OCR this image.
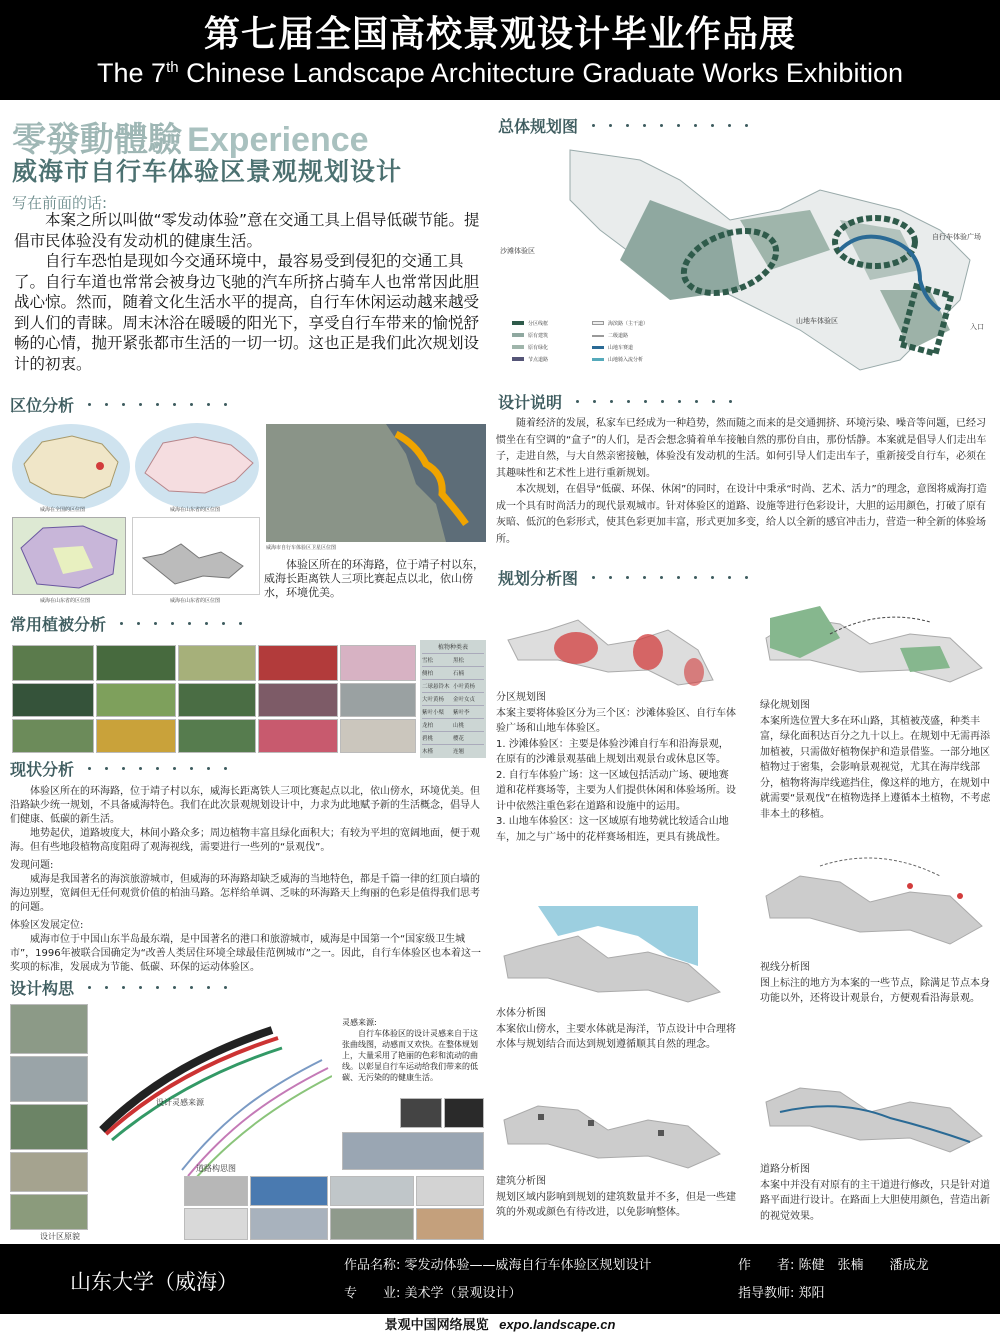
第七届全国高校景观设计毕业作品展
The 7th Chinese Landscape Architecture Graduate Works Exhibition
零發動體驗 Experience
威海市自行车体验区景观规划设计
写在前面的话:

本案之所以叫做“零发动体验”意在交通工具上倡导低碳节能。提倡市民体验没有发动机的健康生活。

自行车恐怕是现如今交通环境中，最容易受到侵犯的交通工具了。自行车道也常常会被身边飞驰的汽车所挤占骑车人也常常因此胆战心惊。然而，随着文化生活水平的提高，自行车休闲运动越来越受到人们的青睐。周末沐浴在暖暖的阳光下，享受自行车带来的愉悦舒畅的心情，抛开紧张都市生活的一切一切。这也正是我们此次规划设计的初衷。

区位分析
威海在全国的区位图	威海在山东省的区位图
威海在山东省的区位图	威海在山东省的区位图
威海市自行车体验区卫星区位图

体验区所在的环海路，位于靖子村以东，威海长距离铁人三项比赛起点以北，依山傍水，环境优美。

常用植被分析
植物种类表
雪松	黑松
侧柏	石楠
二球悬铃木 小叶黄杨
大叶黄杨	金叶女贞
紫叶小檗	紫叶李
龙柏	山桃
碧桃	樱花
木槿	连翘
现状分析

体验区所在的环海路，位于靖子村以东，威海长距离铁人三项比赛起点以北，依山傍水，环境优美。但沿路缺少统一规划，不具备威海特色。我们在此次景观规划设计中，力求为此地赋予新的生活概念，倡导人们健康、低碳的新生活。

地势起伏，道路坡度大，林间小路众多；周边植物丰富且绿化面积大；有较为平坦的宽阔地面，便于观海。但有些地段植物高度阻碍了观海视线，需要进行一些列的“景观伐”。

发现问题:

威海是我国著名的海滨旅游城市，但威海的环海路却缺乏威海的当地特色，都是千篇一律的红顶白墙的海边别墅，宽阔但无任何观赏价值的柏油马路。怎样给单调、乏味的环海路天上绚丽的色彩是值得我们思考的问题。

体验区发展定位:

威海市位于中国山东半岛最东端，是中国著名的港口和旅游城市，威海是中国第一个“国家级卫生城市”，1996年被联合国确定为“改善人类居住环境全球最佳范例城市”之一。因此，自行车体验区也本着这一奖项的标准，发展成为节能、低碳、环保的运动体验区。

设计构思
设计区原貌
设计灵感来源
道路构思图
灵感来源:

自行车体验区的设计灵感来自于这张曲线图，动感而又欢快。在整体规划上，大量采用了艳丽的色彩和流动的曲线。以彰显自行车运动给我们带来的低碳、无污染的的健康生活。

总体规划图
沙滩体验区
自行车体验广场
山地车体验区
入口
分区线框
原有建筑
原有绿化
节点道路
海滨路（主干道）
二级道路
山地车赛道
山地骑入流分析
设计说明

随着经济的发展，私家车已经成为一种趋势，然而随之而来的是交通拥挤、环境污染、噪音等问题，已经习惯坐在有空调的“盒子”的人们，是否会想念骑着单车接触自然的那份自由，那份恬静。本案就是倡导人们走出车子，走进自然，与大自然亲密接触，体验没有发动机的生活。如何引导人们走出车子，重新接受自行车，必须在其趣味性和艺术性上进行重新规划。

本次规划，在倡导“低碳、环保、休闲”的同时，在设计中秉承“时尚、艺术、活力”的理念，意图将威海打造成一个具有时尚活力的现代景观城市。针对体验区的道路、设施等进行色彩设计，大胆的运用颜色，打破了原有灰暗、低沉的色彩形式，使其色彩更加丰富，形式更加多变，给人以全新的感官冲击力，营造一种全新的体验场所。

规划分析图
分区规划图
本案主要将体验区分为三个区：沙滩体验区、自行车体验广场和山地车体验区。
1. 沙滩体验区：主要是体验沙滩自行车和沿海景观，在原有的沙滩景观基础上规划出观景台或休息区等。
2. 自行车体验广场：这一区域包括活动广场、硬地赛道和花样赛场等，主要为人们提供休闲和体验场所。设计中依然注重色彩在道路和设施中的运用。
3. 山地车体验区：这一区域原有地势就比较适合山地车，加之与广场中的花样赛场相连，更具有挑战性。
绿化规划图
本案所选位置大多在环山路，其植被茂盛，种类丰富，绿化面积达百分之九十以上。在规划中无需再添加植被，只需做好植物保护和造景借鉴。一部分地区植物过于密集，会影响景观视觉，尤其在海岸线部分，植物将海岸线遮挡住，像这样的地方，在规划中就需要“景观伐”在植物选择上遵循本土植物，不考虑非本土的移植。
视线分析图
图上标注的地方为本案的一些节点，除满足节点本身功能以外，还将设计观景台，方便观看沿海景观。
水体分析图
本案依山傍水，主要水体就是海洋，节点设计中合理将水体与规划结合而达到规划遵循顺其自然的理念。
建筑分析图
规划区域内影响到规划的建筑数量并不多，但是一些建筑的外观或颜色有待改进，以免影响整体。
道路分析图
本案中并没有对原有的主干道进行修改，只是针对道路平面进行设计。在路面上大胆使用颜色，营造出新的视觉效果。
山东大学（威海）
作品名称: 零发动体验——威海自行车体验区规划设计	作　　者: 陈健　张楠　　潘成龙
专　　业: 美术学（景观设计）	指导教师: 郑阳
景观中国网络展览 expo.landscape.cn
